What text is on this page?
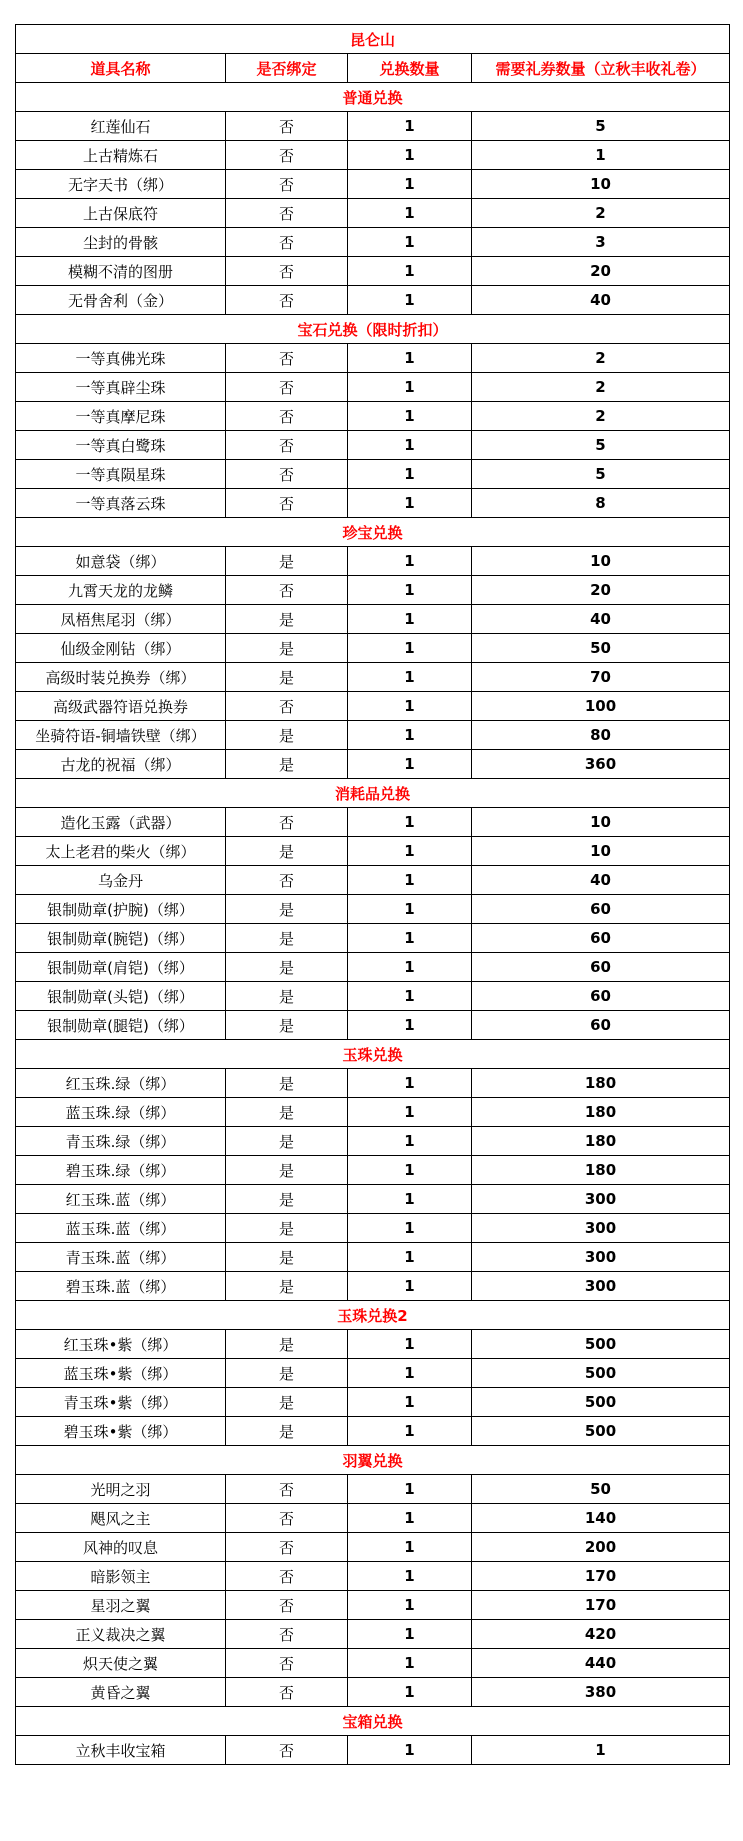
昆仑山			
道具名称	是否绑定	兑换数量	需要礼券数量（立秋丰收礼卷）
普通兑换			
红莲仙石	否	1	5
上古精炼石	否	1	1
无字天书（绑）	否	1	10
上古保底符	否	1	2
尘封的骨骸	否	1	3
模糊不清的图册	否	1	20
无骨舍利（金）	否	1	40
宝石兑换（限时折扣）			
一等真佛光珠	否	1	2
一等真辟尘珠	否	1	2
一等真摩尼珠	否	1	2
一等真白鹭珠	否	1	5
一等真陨星珠	否	1	5
一等真落云珠	否	1	8
珍宝兑换			
如意袋（绑）	是	1	10
九霄天龙的龙鳞	否	1	20
凤梧焦尾羽（绑）	是	1	40
仙级金刚钻（绑）	是	1	50
高级时装兑换券（绑）	是	1	70
高级武器符语兑换券	否	1	100
坐骑符语-铜墙铁壁（绑）	是	1	80
古龙的祝福（绑）	是	1	360
消耗品兑换			
造化玉露（武器）	否	1	10
太上老君的柴火（绑）	是	1	10
乌金丹	否	1	40
银制勋章(护腕)（绑）	是	1	60
银制勋章(腕铠)（绑）	是	1	60
银制勋章(肩铠)（绑）	是	1	60
银制勋章(头铠)（绑）	是	1	60
银制勋章(腿铠)（绑）	是	1	60
玉珠兑换			
红玉珠.绿（绑）	是	1	180
蓝玉珠.绿（绑）	是	1	180
青玉珠.绿（绑）	是	1	180
碧玉珠.绿（绑）	是	1	180
红玉珠.蓝（绑）	是	1	300
蓝玉珠.蓝（绑）	是	1	300
青玉珠.蓝（绑）	是	1	300
碧玉珠.蓝（绑）	是	1	300
玉珠兑换2			
红玉珠•紫（绑）	是	1	500
蓝玉珠•紫（绑）	是	1	500
青玉珠•紫（绑）	是	1	500
碧玉珠•紫（绑）	是	1	500
羽翼兑换			
光明之羽	否	1	50
飓风之主	否	1	140
风神的叹息	否	1	200
暗影领主	否	1	170
星羽之翼	否	1	170
正义裁决之翼	否	1	420
炽天使之翼	否	1	440
黄昏之翼	否	1	380
宝箱兑换			
立秋丰收宝箱	否	1	1
